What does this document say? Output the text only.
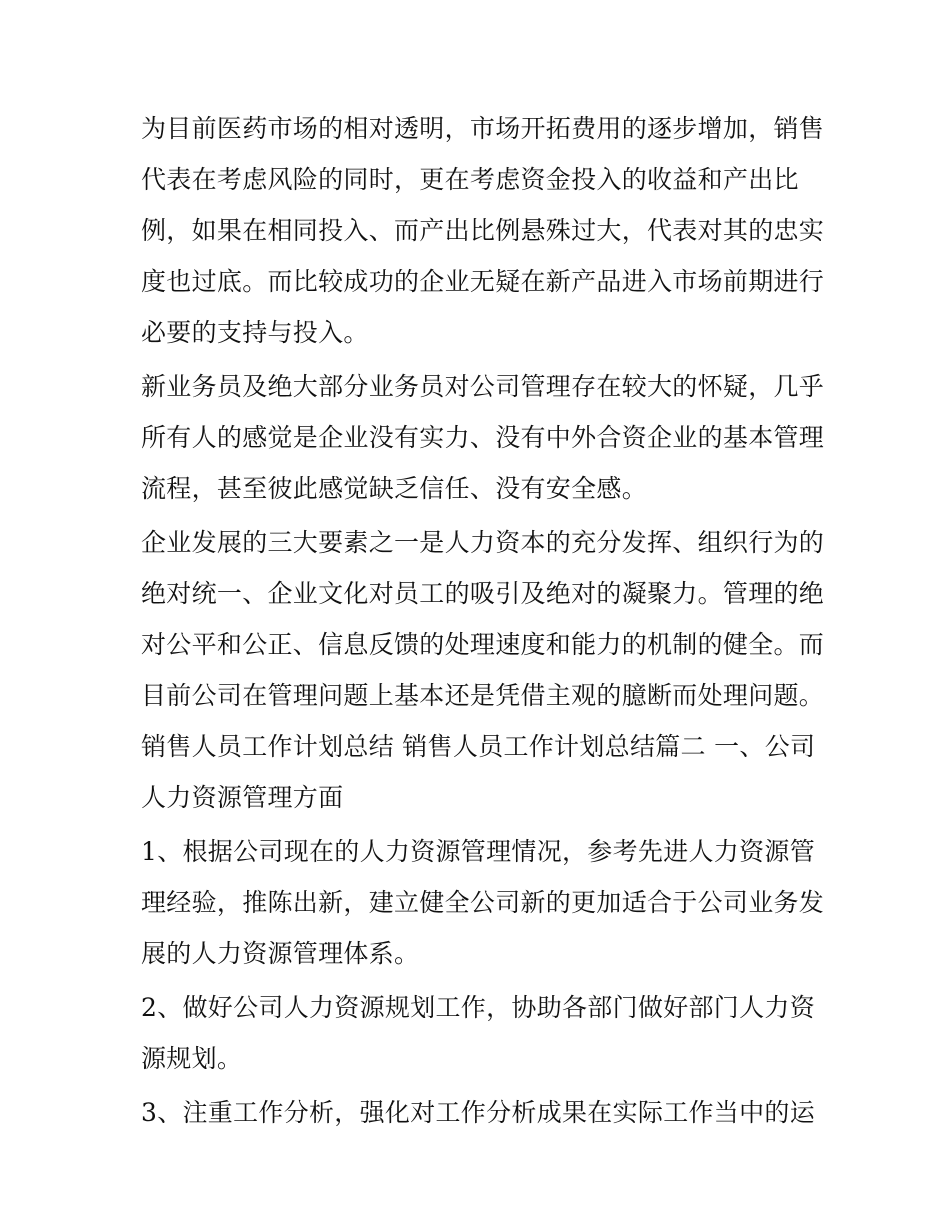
为目前医药市场的相对透明，市场开拓费用的逐步增加，销售
代表在考虑风险的同时，更在考虑资金投入的收益和产出比
例，如果在相同投入、而产出比例悬殊过大，代表对其的忠实
度也过底。而比较成功的企业无疑在新产品进入市场前期进行
必要的支持与投入。
新业务员及绝大部分业务员对公司管理存在较大的怀疑，几乎
所有人的感觉是企业没有实力、没有中外合资企业的基本管理
流程，甚至彼此感觉缺乏信任、没有安全感。
企业发展的三大要素之一是人力资本的充分发挥、组织行为的
绝对统一、企业文化对员工的吸引及绝对的凝聚力。管理的绝
对公平和公正、信息反馈的处理速度和能力的机制的健全。而
目前公司在管理问题上基本还是凭借主观的臆断而处理问题。
销售人员工作计划总结 销售人员工作计划总结篇二 一、公司
人力资源管理方面
1、根据公司现在的人力资源管理情况，参考先进人力资源管
理经验，推陈出新，建立健全公司新的更加适合于公司业务发
展的人力资源管理体系。
2、做好公司人力资源规划工作，协助各部门做好部门人力资
源规划。
3、注重工作分析，强化对工作分析成果在实际工作当中的运
